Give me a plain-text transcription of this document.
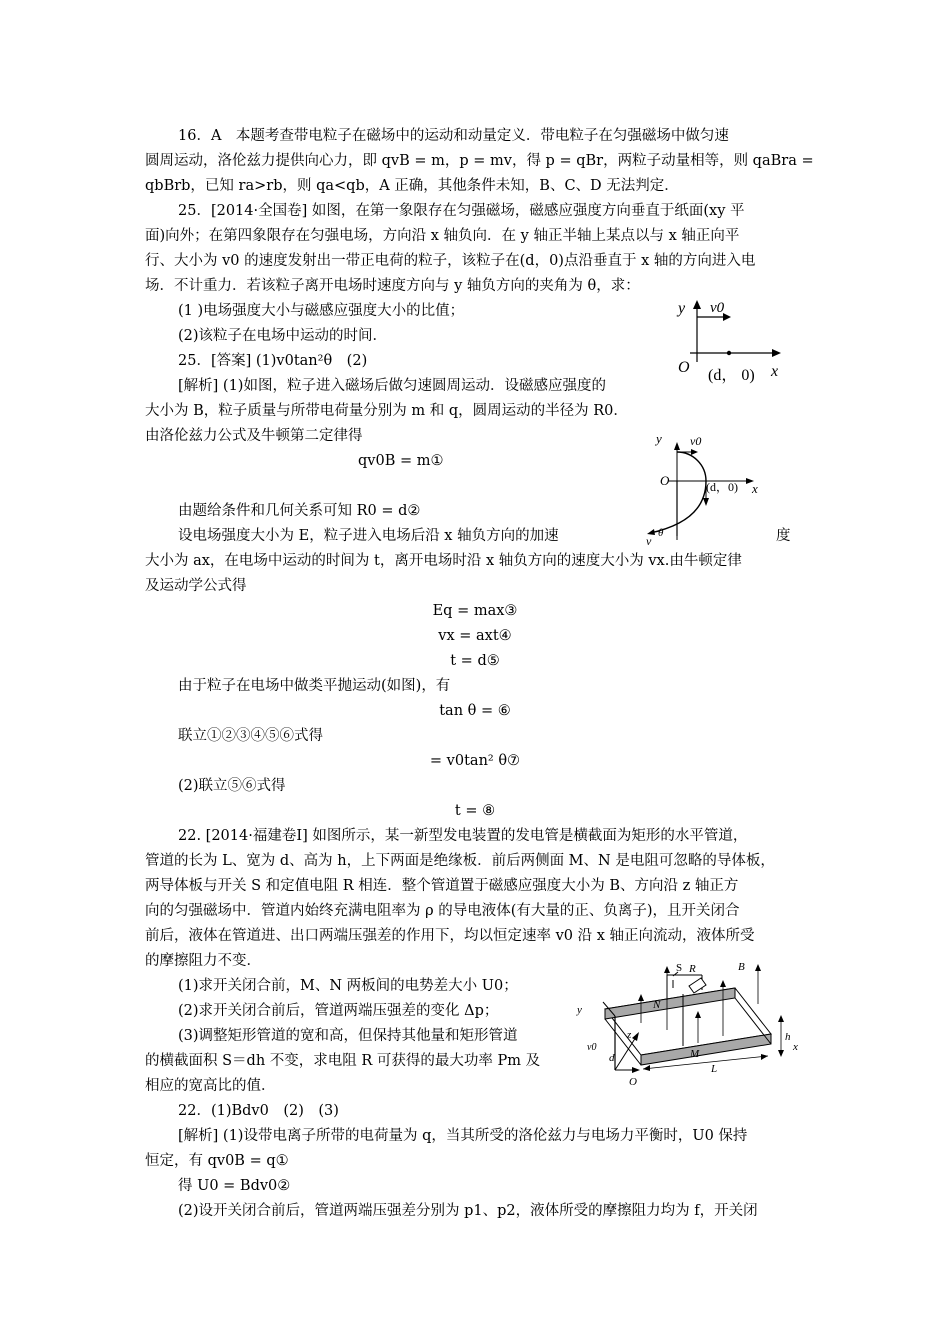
16．A　本题考查带电粒子在磁场中的运动和动量定义．带电粒子在匀强磁场中做匀速
圆周运动，洛伦兹力提供向心力，即 qvB = m，p = mv，得 p = qBr，两粒子动量相等，则 qaBra =
qbBrb，已知 ra>rb，则 qa<qb，A 正确，其他条件未知，B、C、D 无法判定．
25．[2014·全国卷] 如图，在第一象限存在匀强磁场，磁感应强度方向垂直于纸面(xy 平
面)向外；在第四象限存在匀强电场，方向沿 x 轴负向．在 y 轴正半轴上某点以与 x 轴正向平
行、大小为 v0 的速度发射出一带正电荷的粒子，该粒子在(d，0)点沿垂直于 x 轴的方向进入电
场．不计重力．若该粒子离开电场时速度方向与 y 轴负方向的夹角为 θ，求：
(1 )电场强度大小与磁感应强度大小的比值；
(2)该粒子在电场中运动的时间．
25．[答案] (1)v0tan²θ　(2)
[解析] (1)如图，粒子进入磁场后做匀速圆周运动．设磁感应强度的
大小为 B，粒子质量与所带电荷量分别为 m 和 q，圆周运动的半径为 R0．
由洛伦兹力公式及牛顿第二定律得
qv0B = m①
由题给条件和几何关系可知 R0 = d②
设电场强度大小为 E，粒子进入电场后沿 x 轴负方向的加速	度
大小为 ax，在电场中运动的时间为 t，离开电场时沿 x 轴负方向的速度大小为 vx.由牛顿定律
及运动学公式得
Eq = max③
vx = axt④
t = d⑤
由于粒子在电场中做类平抛运动(如图)，有
tan θ = ⑥
联立①②③④⑤⑥式得
= v0tan² θ⑦
(2)联立⑤⑥式得
t = ⑧
22. [2014·福建卷Ⅰ] 如图所示，某一新型发电装置的发电管是横截面为矩形的水平管道，
管道的长为 L、宽为 d、高为 h，上下两面是绝缘板．前后两侧面 M、N 是电阻可忽略的导体板，
两导体板与开关 S 和定值电阻 R 相连．整个管道置于磁感应强度大小为 B、方向沿 z 轴正方
向的匀强磁场中．管道内始终充满电阻率为 ρ 的导电液体(有大量的正、负离子)，且开关闭合
前后，液体在管道进、出口两端压强差的作用下，均以恒定速率 v0 沿 x 轴正向流动，液体所受
的摩擦阻力不变．
(1)求开关闭合前，M、N 两板间的电势差大小 U0；
(2)求开关闭合前后，管道两端压强差的变化 Δp；
(3)调整矩形管道的宽和高，但保持其他量和矩形管道
的横截面积 S＝dh 不变，求电阻 R 可获得的最大功率 Pm 及
相应的宽高比的值．
22．(1)Bdv0　(2)　(3)
[解析] (1)设带电离子所带的电荷量为 q，当其所受的洛伦兹力与电场力平衡时，U0 保持
恒定，有 qv0B = q①
得 U0 = Bdv0②
(2)设开关闭合前后，管道两端压强差分别为 p1、p2，液体所受的摩擦阻力均为 f，开关闭
y v0
O (d， 0) x
y v0
O	(d，0) x
v
θ
S R	B
y	N
z	h
v0
M
x
d
O
L
